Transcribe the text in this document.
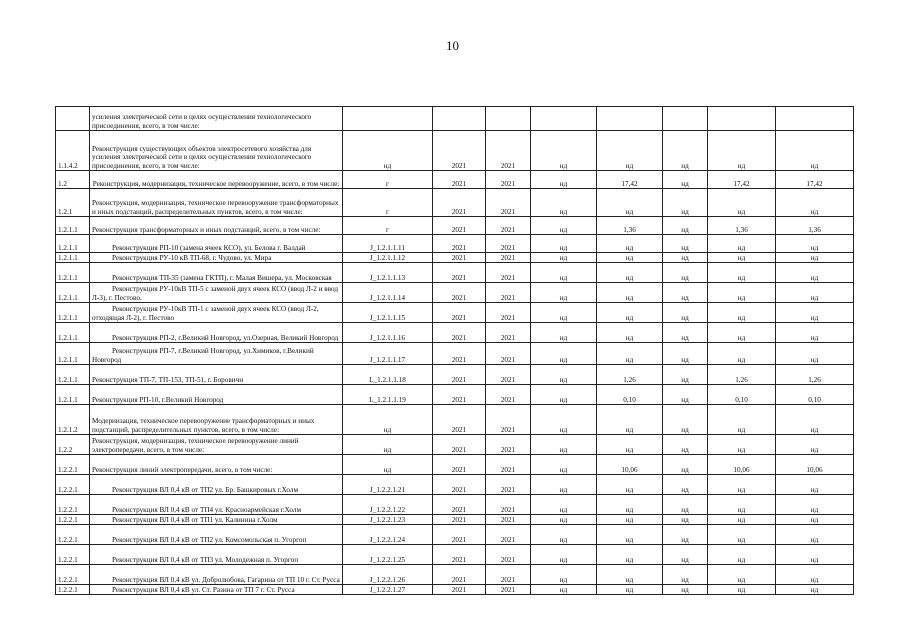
10
	усиления электрической сети в целях осуществления технологического присоединения, всего, в том числе:								
1.1.4.2	Реконструкция существующих объектов электросетевого хозяйства для усиления электрической сети в целях осуществления технологического присоединения, всего, в том числе:	нд	2021	2021	нд	нд	нд	нд	нд
1.2	Реконструкция, модернизация, техническое перевооружение, всего, в том числе:	г	2021	2021	нд	17,42	нд	17,42	17,42
1.2.1	Реконструкция, модернизация, техническое перевооружение трансформаторных и иных подстанций, распределительных пунктов, всего, в том числе:	г	2021	2021	нд	нд	нд	нд	нд
1.2.1.1	Реконструкция трансформаторных и иных подстанций, всего, в том числе:	г	2021	2021	нд	1,36	нд	1,36	1,36
1.2.1.1	Реконструкция РП-10 (замена ячеек КСО), ул. Белова г. Валдай	J_1.2.1.1.11	2021	2021	нд	нд	нд	нд	нд
1.2.1.1	Реконструкция РУ-10 кВ ТП-68, г. Чудово, ул. Мира	J_1.2.1.1.12	2021	2021	нд	нд	нд	нд	нд
1.2.1.1	Реконструкция ТП-35 (замена ГКТП), г. Малая Вишера, ул. Московская	J_1.2.1.1.13	2021	2021	нд	нд	нд	нд	нд
1.2.1.1	Реконструкция РУ-10кВ ТП-5 с заменой двух ячеек КСО (ввод Л-2 и ввод Л-3), г. Пестово.	J_1.2.1.1.14	2021	2021	нд	нд	нд	нд	нд
1.2.1.1	Реконструкция РУ-10кВ ТП-1 с заменой двух ячеек КСО (ввод Л-2, отходящая Л-2), г. Пестово	J_1.2.1.1.15	2021	2021	нд	нд	нд	нд	нд
1.2.1.1	Реконструкция РП-2, г.Великий Новгород, ул.Озерная, Великий Новгород	J_1.2.1.1.16	2021	2021	нд	нд	нд	нд	нд
1.2.1.1	Реконструкция РП-7, г.Великий Новгород, ул.Химиков, г.Великий Новгород	J_1.2.1.1.17	2021	2021	нд	нд	нд	нд	нд
1.2.1.1	Реконструкция ТП-7, ТП-153, ТП-51, г. Боровичи	L_1.2.1.1.18	2021	2021	нд	1,26	нд	1,26	1,26
1.2.1.1	Реконструкция РП-10, г.Великий Новгород	L_1.2.1.1.19	2021	2021	нд	0,10	нд	0,10	0,10
1.2.1.2	Модернизация, техническое перевооружение трансформаторных и иных подстанций, распределительных пунктов, всего, в том числе:	нд	2021	2021	нд	нд	нд	нд	нд
1.2.2	Реконструкция, модернизация, техническое перевооружение линий электропередачи, всего, в том числе:	нд	2021	2021	нд	нд	нд	нд	нд
1.2.2.1	Реконструкция линий электропередачи, всего, в том числе:	нд	2021	2021	нд	10,06	нд	10,06	10,06
1.2.2.1	Реконструкция ВЛ 0,4 кВ от ТП2 ул. Бр. Башкировых г.Холм	J_1.2.2.1.21	2021	2021	нд	нд	нд	нд	нд
1.2.2.1	Реконструкция ВЛ 0,4 кВ от ТП4 ул. Красноармейская г.Холм	J_1.2.2.1.22	2021	2021	нд	нд	нд	нд	нд
1.2.2.1	Реконструкция ВЛ 0,4 кВ от ТП1 ул. Калинина г.Холм	J_1.2.2.1.23	2021	2021	нд	нд	нд	нд	нд
1.2.2.1	Реконструкция ВЛ 0,4 кВ от ТП2 ул. Комсомольская п. Угоргоп	J_1.2.2.1.24	2021	2021	нд	нд	нд	нд	нд
1.2.2.1	Реконструкция ВЛ 0,4 кВ от ТП3 ул. Молодежная п. Угоргоп	J_1.2.2.1.25	2021	2021	нд	нд	нд	нд	нд
1.2.2.1	Реконструкция ВЛ 0,4 кВ ул. Добролюбова, Гагарина от ТП 10 г. Ст. Русса	J_1.2.2.1.26	2021	2021	нд	нд	нд	нд	нд
1.2.2.1	Реконструкция ВЛ 0,4 кВ ул. Ст. Разина от ТП 7 г. Ст. Русса	J_1.2.2.1.27	2021	2021	нд	нд	нд	нд	нд
